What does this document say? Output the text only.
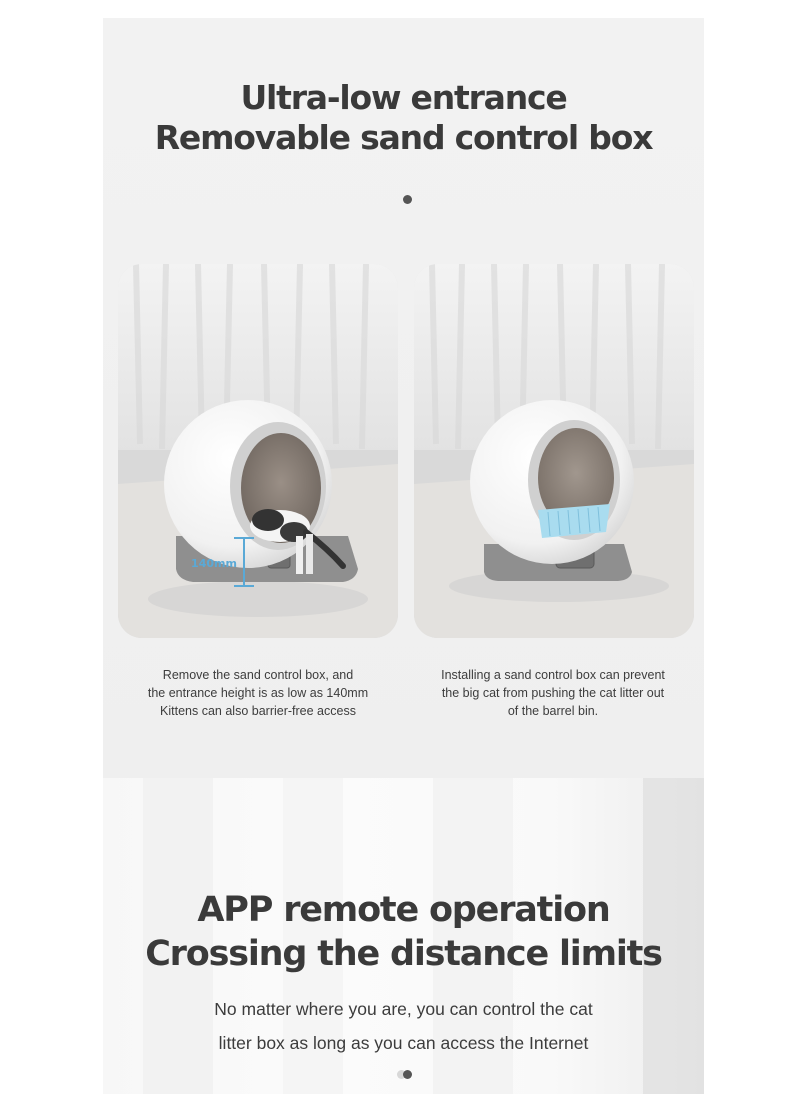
Ultra-low entrance
Removable sand control box
140mm

Remove the sand control box, and
the entrance height is as low as 140mm
Kittens can also barrier-free access

Installing a sand control box can prevent
the big cat from pushing the cat litter out
of the barrel bin.

APP remote operation
Crossing the distance limits

No matter where you are, you can control the cat

litter box as long as you can access the Internet
